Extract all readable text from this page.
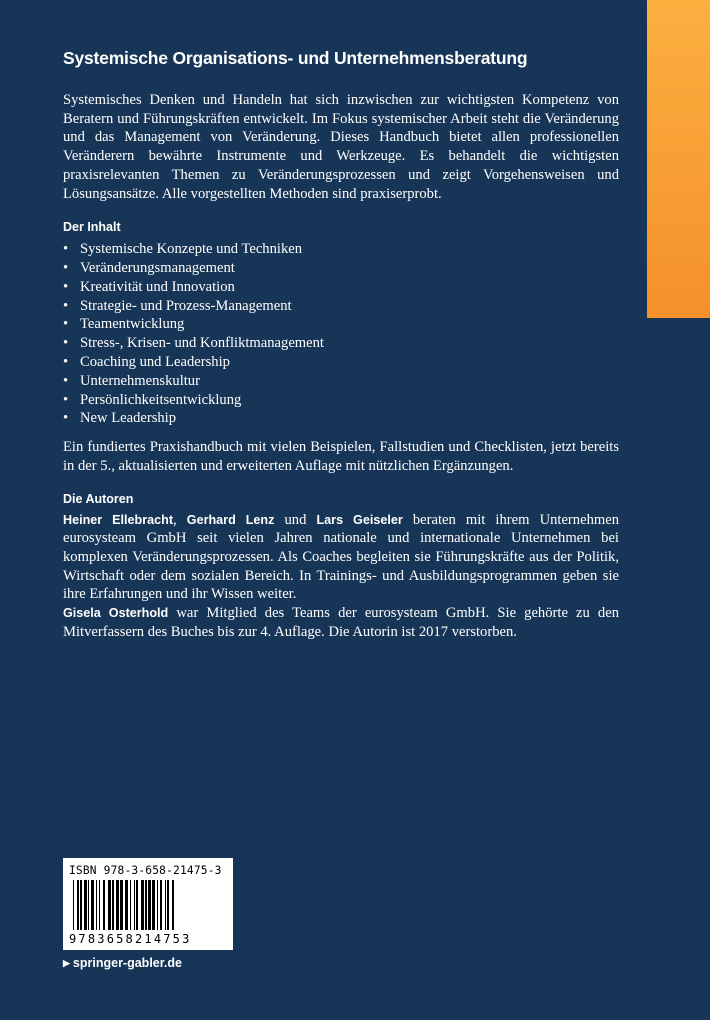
Systemische Organisations- und Unternehmensberatung

Systemisches Denken und Handeln hat sich inzwischen zur wichtigsten Kompetenz von Beratern und Führungskräften entwickelt. Im Fokus systemischer Arbeit steht die Veränderung und das Management von Veränderung. Dieses Handbuch bietet allen professionellen Veränderern bewährte Instrumente und Werkzeuge. Es behandelt die wichtigsten praxisrelevanten Themen zu Veränderungsprozessen und zeigt Vorgehensweisen und Lösungsansätze. Alle vorgestellten Methoden sind praxiserprobt.

Der Inhalt
• Systemische Konzepte und Techniken
• Veränderungsmanagement
• Kreativität und Innovation
• Strategie- und Prozess-Management
• Teamentwicklung
• Stress-, Krisen- und Konfliktmanagement
• Coaching und Leadership
• Unternehmenskultur
• Persönlichkeitsentwicklung
• New Leadership

Ein fundiertes Praxishandbuch mit vielen Beispielen, Fallstudien und Checklisten, jetzt bereits in der 5., aktualisierten und erweiterten Auflage mit nützlichen Ergänzungen.

Die Autoren

Heiner Ellebracht, Gerhard Lenz und Lars Geiseler beraten mit ihrem Unternehmen eurosysteam GmbH seit vielen Jahren nationale und internationale Unternehmen bei komplexen Veränderungsprozessen. Als Coaches begleiten sie Führungskräfte aus der Politik, Wirtschaft oder dem sozialen Bereich. In Trainings- und Ausbildungsprogrammen geben sie ihre Erfahrungen und ihr Wissen weiter.

Gisela Osterhold war Mitglied des Teams der eurosysteam GmbH. Sie gehörte zu den Mitverfassern des Buches bis zur 4. Auflage. Die Autorin ist 2017 verstorben.

ISBN 978-3-658-21475-3
9783658214753
▶ springer-gabler.de
